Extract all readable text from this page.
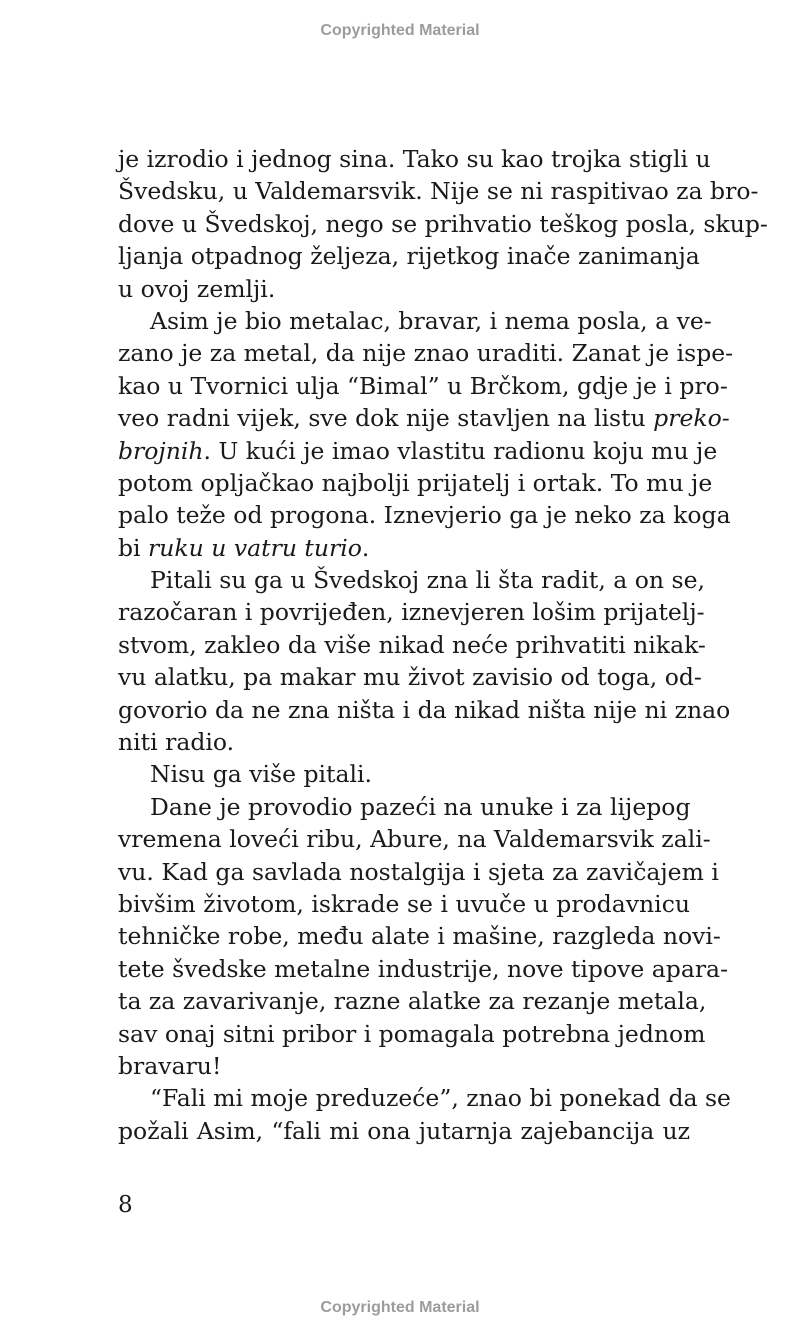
Copyrighted Material
je izrodio i jednog sina. Tako su kao trojka stigli u
Švedsku, u Valdemarsvik. Nije se ni raspitivao za bro-
dove u Švedskoj, nego se prihvatio teškog posla, skup-
ljanja otpadnog željeza, rijetkog inače zanimanja
u ovoj zemlji.
Asim je bio metalac, bravar, i nema posla, a ve-
zano je za metal, da nije znao uraditi. Zanat je ispe-
kao u Tvornici ulja “Bimal” u Brčkom, gdje je i pro-
veo radni vijek, sve dok nije stavljen na listu preko-
brojnih. U kući je imao vlastitu radionu koju mu je
potom opljačkao najbolji prijatelj i ortak. To mu je
palo teže od progona. Iznevjerio ga je neko za koga
bi ruku u vatru turio.
Pitali su ga u Švedskoj zna li šta radit, a on se,
razočaran i povrijeđen, iznevjeren lošim prijatelj-
stvom, zakleo da više nikad neće prihvatiti nikak-
vu alatku, pa makar mu život zavisio od toga, od-
govorio da ne zna ništa i da nikad ništa nije ni znao
niti radio.
Nisu ga više pitali.
Dane je provodio pazeći na unuke i za lijepog
vremena loveći ribu, Abure, na Valdemarsvik zali-
vu. Kad ga savlada nostalgija i sjeta za zavičajem i
bivšim životom, iskrade se i uvuče u prodavnicu
tehničke robe, među alate i mašine, razgleda novi-
tete švedske metalne industrije, nove tipove apara-
ta za zavarivanje, razne alatke za rezanje metala,
sav onaj sitni pribor i pomagala potrebna jednom
bravaru!
“Fali mi moje preduzeće”, znao bi ponekad da se
požali Asim, “fali mi ona jutarnja zajebancija uz
8
Copyrighted Material
